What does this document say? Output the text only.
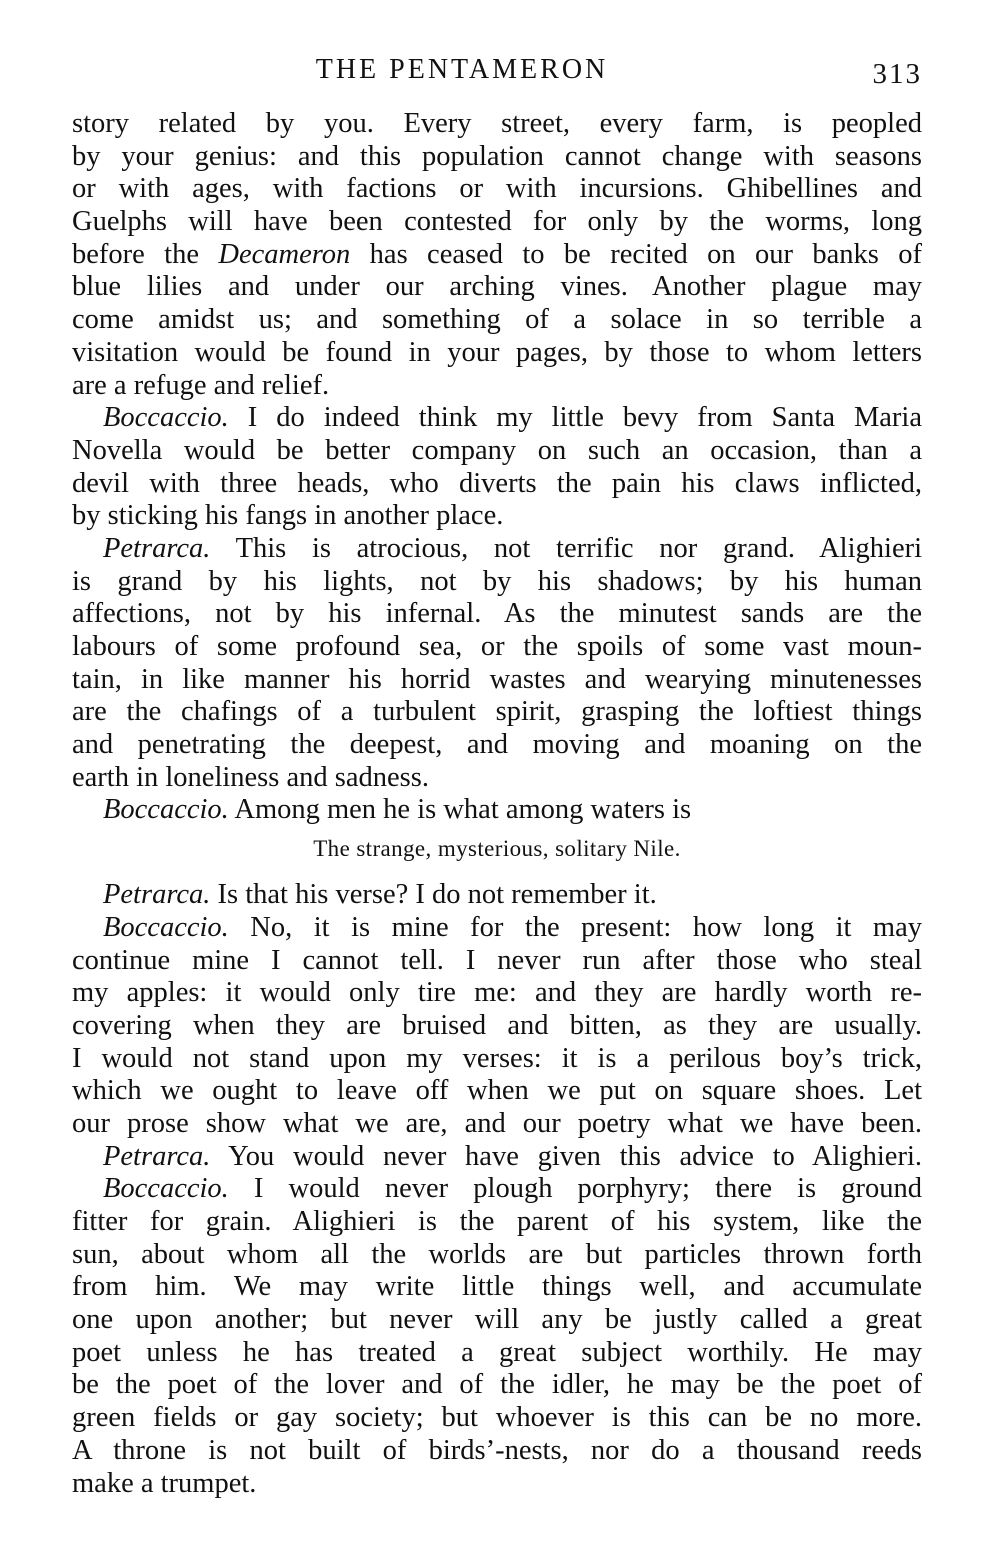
THE PENTAMERON	313
story related by you. Every street, every farm, is peopled
by your genius: and this population cannot change with seasons
or with ages, with factions or with incursions. Ghibellines and
Guelphs will have been contested for only by the worms, long
before the Decameron has ceased to be recited on our banks of
blue lilies and under our arching vines. Another plague may
come amidst us; and something of a solace in so terrible a
visitation would be found in your pages, by those to whom letters
are a refuge and relief.
Boccaccio. I do indeed think my little bevy from Santa Maria
Novella would be better company on such an occasion, than a
devil with three heads, who diverts the pain his claws inflicted,
by sticking his fangs in another place.
Petrarca. This is atrocious, not terrific nor grand. Alighieri
is grand by his lights, not by his shadows; by his human
affections, not by his infernal. As the minutest sands are the
labours of some profound sea, or the spoils of some vast moun-
tain, in like manner his horrid wastes and wearying minutenesses
are the chafings of a turbulent spirit, grasping the loftiest things
and penetrating the deepest, and moving and moaning on the
earth in loneliness and sadness.
Boccaccio. Among men he is what among waters is
The strange, mysterious, solitary Nile.
Petrarca. Is that his verse? I do not remember it.
Boccaccio. No, it is mine for the present: how long it may
continue mine I cannot tell. I never run after those who steal
my apples: it would only tire me: and they are hardly worth re-
covering when they are bruised and bitten, as they are usually.
I would not stand upon my verses: it is a perilous boy’s trick,
which we ought to leave off when we put on square shoes. Let
our prose show what we are, and our poetry what we have been.
Petrarca. You would never have given this advice to Alighieri.
Boccaccio. I would never plough porphyry; there is ground
fitter for grain. Alighieri is the parent of his system, like the
sun, about whom all the worlds are but particles thrown forth
from him. We may write little things well, and accumulate
one upon another; but never will any be justly called a great
poet unless he has treated a great subject worthily. He may
be the poet of the lover and of the idler, he may be the poet of
green fields or gay society; but whoever is this can be no more.
A throne is not built of birds’-nests, nor do a thousand reeds
make a trumpet.
